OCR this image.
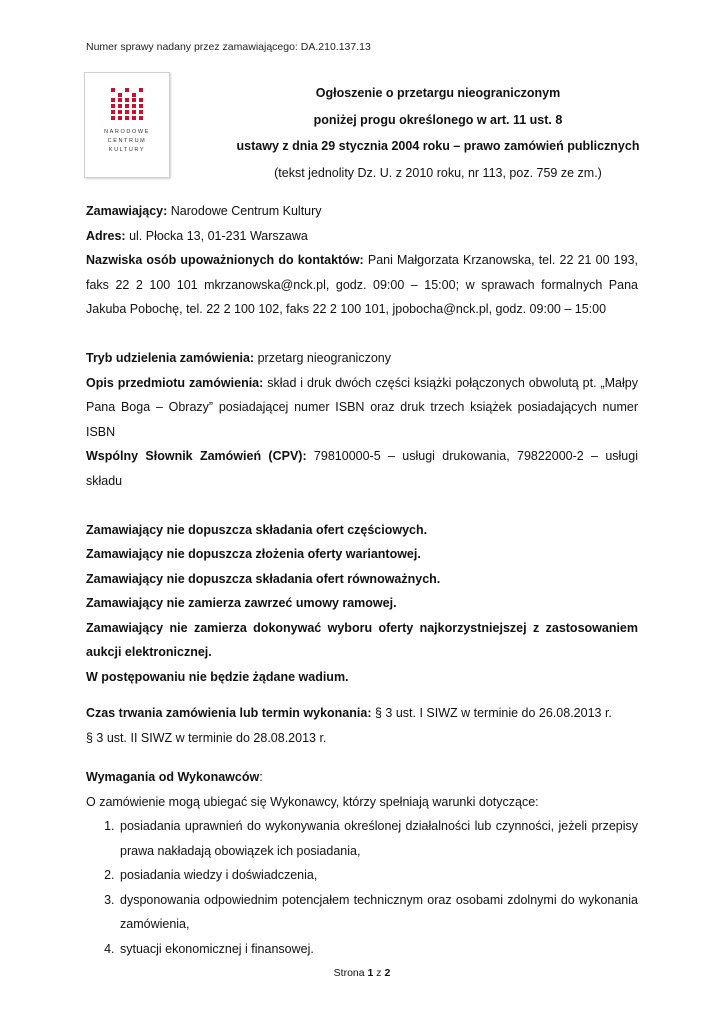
Numer sprawy nadany przez zamawiającego: DA.210.137.13
NARODOWE
CENTRUM
KULTURY
Ogłoszenie o przetargu nieograniczonym
poniżej progu określonego w art. 11 ust. 8
ustawy z dnia 29 stycznia 2004 roku – prawo zamówień publicznych
(tekst jednolity Dz. U. z 2010 roku, nr 113, poz. 759 ze zm.)

Zamawiający: Narodowe Centrum Kultury

Adres: ul. Płocka 13, 01-231 Warszawa

Nazwiska osób upoważnionych do kontaktów: Pani Małgorzata Krzanowska, tel. 22 21 00 193, faks 22 2 100 101 mkrzanowska@nck.pl, godz. 09:00 – 15:00; w sprawach formalnych Pana Jakuba Pobochę, tel. 22 2 100 102, faks 22 2 100 101, jpobocha@nck.pl, godz. 09:00 – 15:00

Tryb udzielenia zamówienia: przetarg nieograniczony

Opis przedmiotu zamówienia: skład i druk dwóch części książki połączonych obwolutą pt. „Małpy Pana Boga – Obrazy” posiadającej numer ISBN oraz druk trzech książek posiadających numer ISBN

Wspólny Słownik Zamówień (CPV): 79810000-5 – usługi drukowania, 79822000-2 – usługi składu

Zamawiający nie dopuszcza składania ofert częściowych.

Zamawiający nie dopuszcza złożenia oferty wariantowej.

Zamawiający nie dopuszcza składania ofert równoważnych.

Zamawiający nie zamierza zawrzeć umowy ramowej.

Zamawiający nie zamierza dokonywać wyboru oferty najkorzystniejszej z zastosowaniem aukcji elektronicznej.

W postępowaniu nie będzie żądane wadium.

Czas trwania zamówienia lub termin wykonania: § 3 ust. I SIWZ w terminie do 26.08.2013 r.

§ 3 ust. II SIWZ w terminie do 28.08.2013 r.

Wymagania od Wykonawców:

O zamówienie mogą ubiegać się Wykonawcy, którzy spełniają warunki dotyczące:

1. posiadania uprawnień do wykonywania określonej działalności lub czynności, jeżeli przepisy prawa nakładają obowiązek ich posiadania,
2. posiadania wiedzy i doświadczenia,
3. dysponowania odpowiednim potencjałem technicznym oraz osobami zdolnymi do wykonania zamówienia,
4. sytuacji ekonomicznej i finansowej.
Strona 1 z 2
